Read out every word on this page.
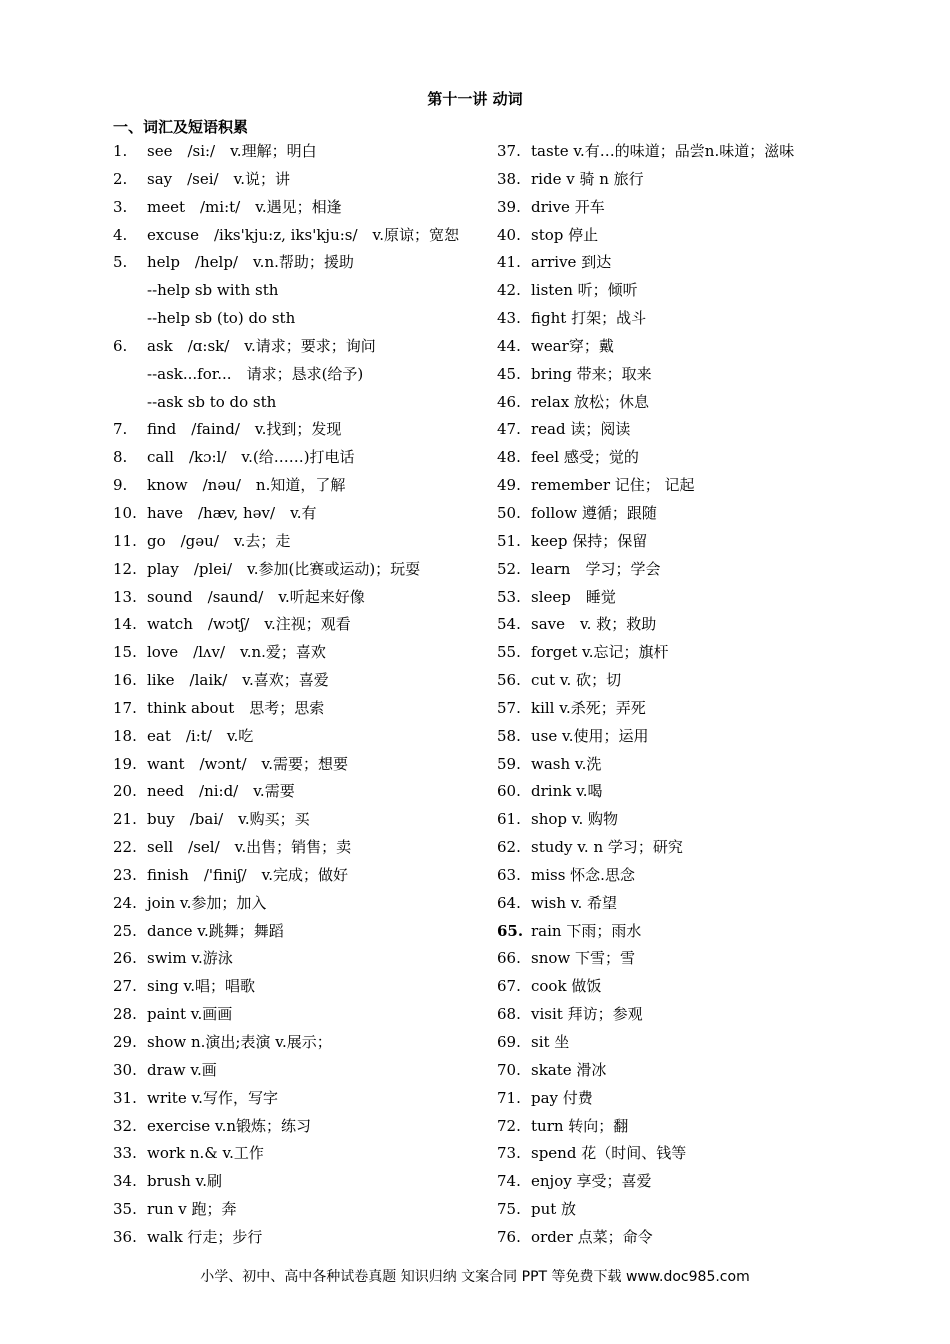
第十一讲 动词
一、词汇及短语积累
1. see　/si:/　v.理解；明白
2. say　/sei/　v.说；讲
3. meet　/mi:t/　v.遇见；相逢
4. excuse　/iks'kju:z, iks'kju:s/　v.原谅；宽恕
5. help　/help/　v.n.帮助；援助
--help sb with sth
--help sb (to) do sth
6. ask　/ɑ:sk/　v.请求；要求；询问
--ask...for...　请求；恳求(给予)
--ask sb to do sth
7. find　/faind/　v.找到；发现
8. call　/kɔ:l/　v.(给……)打电话
9. know　/nəu/　n.知道，了解
10. have　/hæv, həv/　v.有
11. go　/gəu/　v.去；走
12. play　/plei/　v.参加(比赛或运动)；玩耍
13. sound　/saund/　v.听起来好像
14. watch　/wɔtʃ/　v.注视；观看
15. love　/lʌv/　v.n.爱；喜欢
16. like　/laik/　v.喜欢；喜爱
17. think about　思考；思索
18. eat　/i:t/　v.吃
19. want　/wɔnt/　v.需要；想要
20. need　/ni:d/　v.需要
21. buy　/bai/　v.购买；买
22. sell　/sel/　v.出售；销售；卖
23. finish　/'finiʃ/　v.完成；做好
24. join v.参加；加入
25. dance v.跳舞；舞蹈
26. swim v.游泳
27. sing v.唱；唱歌
28. paint v.画画
29. show n.演出;表演 v.展示；
30. draw v.画
31. write v.写作，写字
32. exercise v.n锻炼；练习
33. work n.& v.工作
34. brush v.刷
35. run v 跑；奔
36. walk 行走；步行
37. taste v.有…的味道；品尝n.味道；滋味
38. ride v 骑 n 旅行
39. drive 开车
40. stop 停止
41. arrive 到达
42. listen 听；倾听
43. fight 打架；战斗
44. wear穿；戴
45. bring 带来；取来
46. relax 放松；休息
47. read 读；阅读
48. feel 感受；觉的
49. remember 记住； 记起
50. follow 遵循；跟随
51. keep 保持；保留
52. learn　学习；学会
53. sleep　睡觉
54. save　v. 救；救助
55. forget v.忘记；旗杆
56. cut v. 砍；切
57. kill v.杀死；弄死
58. use v.使用；运用
59. wash v.洗
60. drink v.喝
61. shop v. 购物
62. study v. n 学习；研究
63. miss 怀念.思念
64. wish v. 希望
65. rain 下雨；雨水
66. snow 下雪；雪
67. cook 做饭
68. visit 拜访；参观
69. sit 坐
70. skate 滑冰
71. pay 付费
72. turn 转向；翻
73. spend 花（时间、钱等
74. enjoy 享受；喜爱
75. put 放
76. order 点菜；命令
小学、初中、高中各种试卷真题 知识归纳 文案合同 PPT 等免费下载 www.doc985.com
